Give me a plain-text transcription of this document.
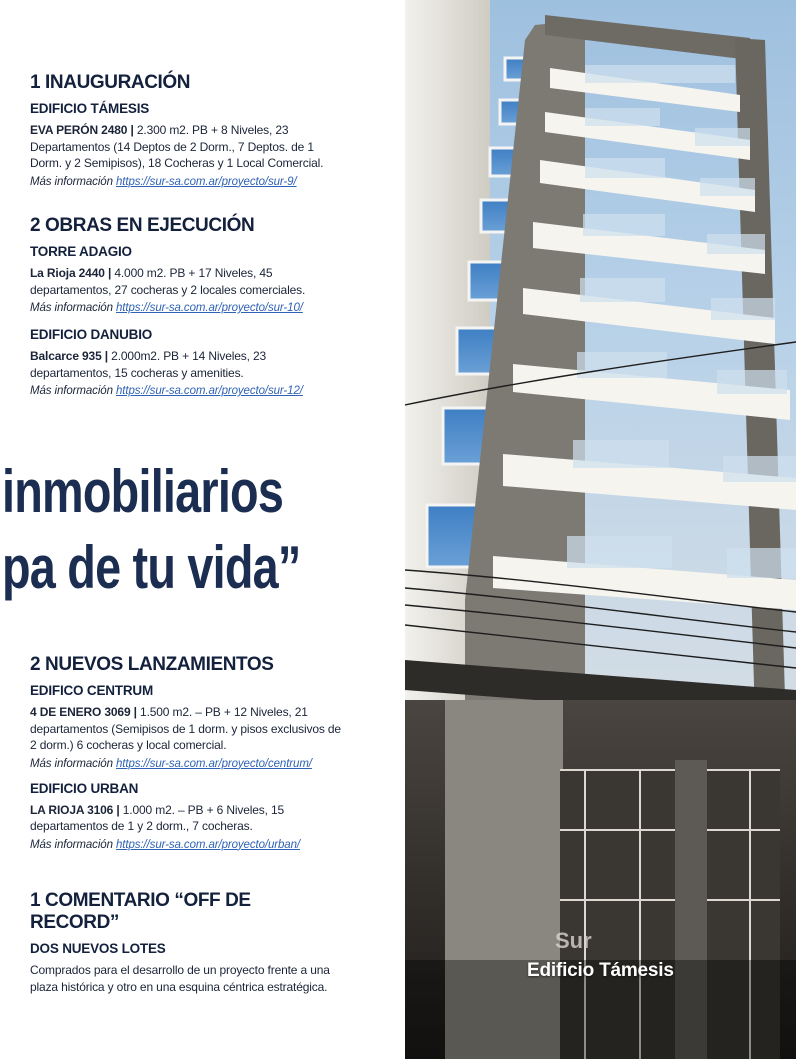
1 INAUGURACIÓN
EDIFICIO TÁMESIS
EVA PERÓN 2480 | 2.300 m2. PB + 8 Niveles, 23 Departamentos (14 Deptos de 2 Dorm., 7 Deptos. de 1 Dorm. y 2 Semipisos), 18 Cocheras y 1 Local Comercial.
Más información https://sur-sa.com.ar/proyecto/sur-9/
2 OBRAS EN EJECUCIÓN
TORRE ADAGIO
La Rioja 2440 | 4.000 m2. PB + 17 Niveles, 45 departamentos, 27 cocheras y 2 locales comerciales.
Más información https://sur-sa.com.ar/proyecto/sur-10/
EDIFICIO DANUBIO
Balcarce 935 | 2.000m2. PB + 14 Niveles, 23 departamentos, 15 cocheras y amenities.
Más información https://sur-sa.com.ar/proyecto/sur-12/
inmobiliarios
pa de tu vida”
2 NUEVOS LANZAMIENTOS
EDIFICO CENTRUM
4 DE ENERO 3069 | 1.500 m2. – PB + 12 Niveles, 21 departamentos (Semipisos de 1 dorm. y pisos exclusivos de 2 dorm.) 6 cocheras y local comercial.
Más información https://sur-sa.com.ar/proyecto/centrum/
EDIFICIO URBAN
LA RIOJA 3106 | 1.000 m2. – PB + 6 Niveles, 15 departamentos de 1 y 2 dorm., 7 cocheras.
Más información https://sur-sa.com.ar/proyecto/urban/
1 COMENTARIO “OFF DE RECORD”
DOS NUEVOS LOTES
Comprados para el desarrollo de un proyecto frente a una plaza histórica y otro en una esquina céntrica estratégica.
Sur
Edificio Támesis
